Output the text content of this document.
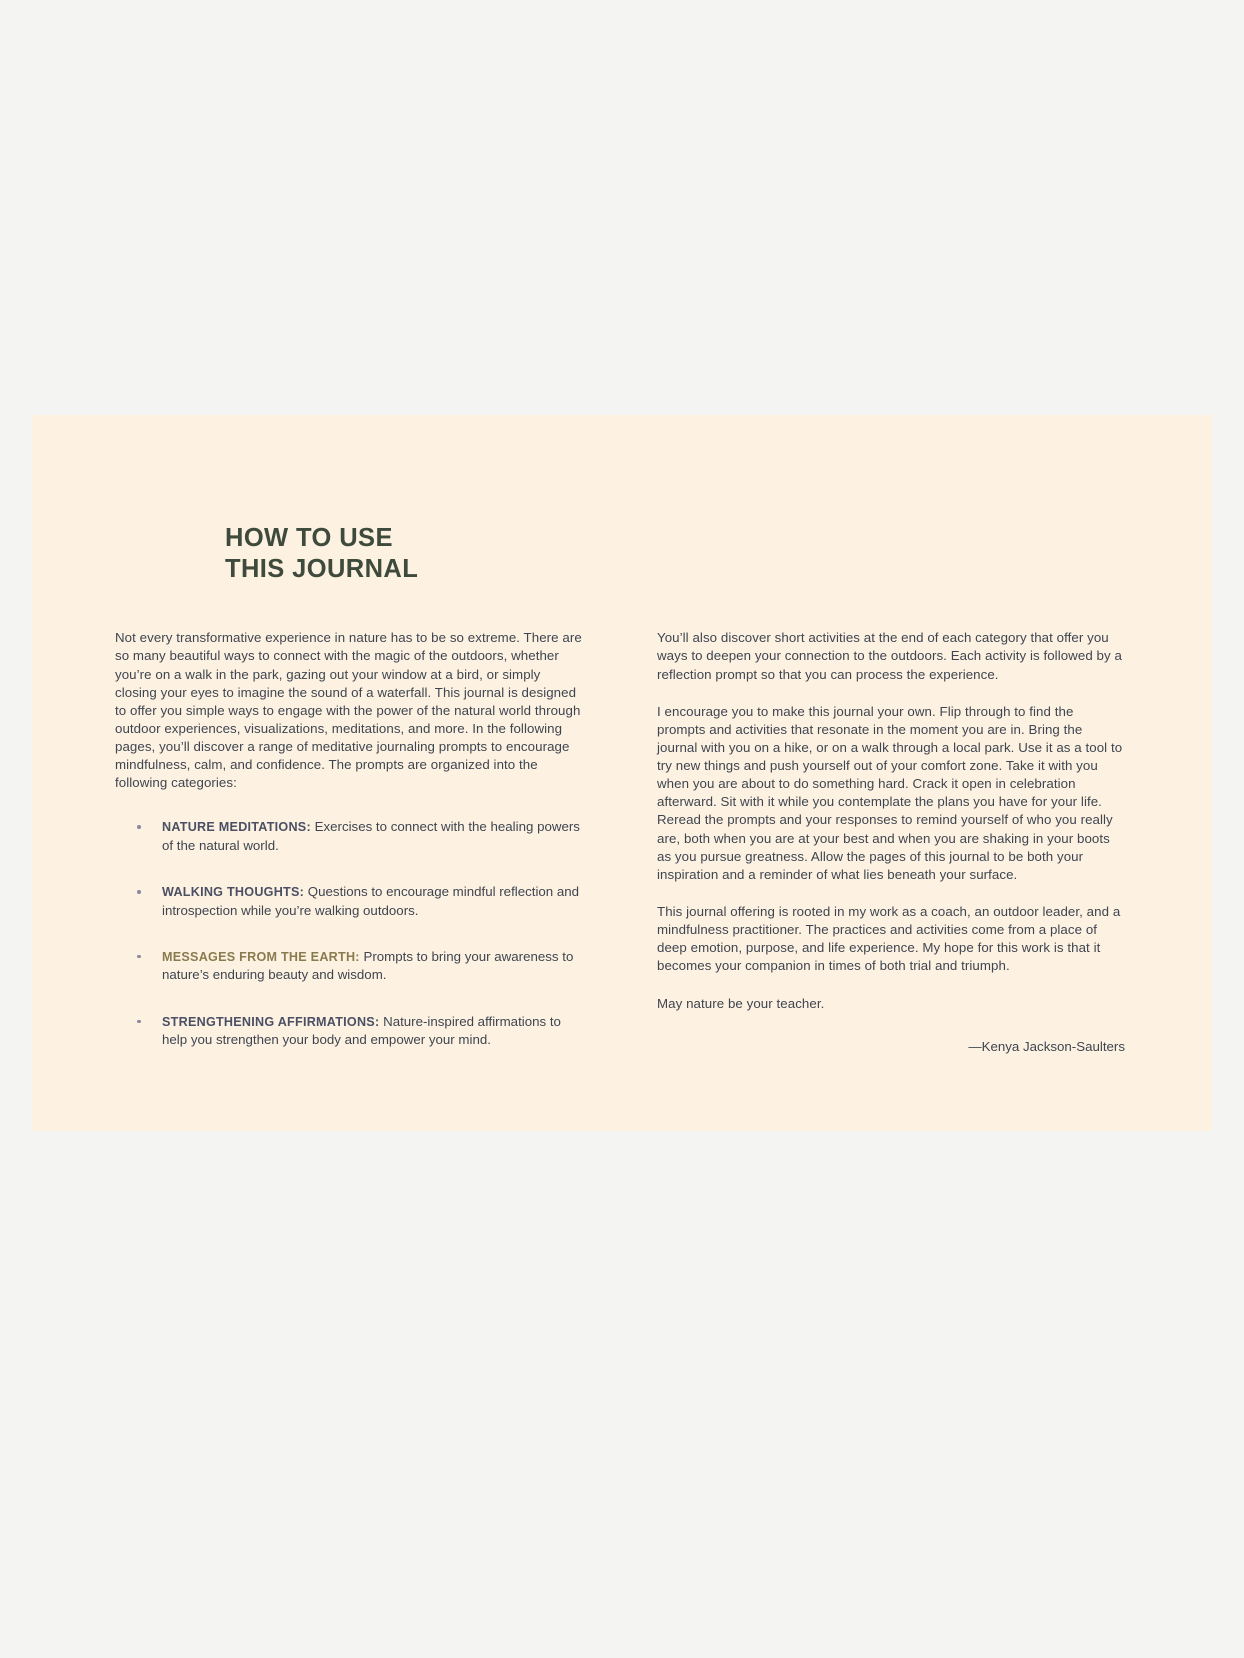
HOW TO USE
THIS JOURNAL

Not every transformative experience in nature has to be so extreme. There are so many beautiful ways to connect with the magic of the outdoors, whether you’re on a walk in the park, gazing out your window at a bird, or simply closing your eyes to imagine the sound of a waterfall. This journal is designed to offer you simple ways to engage with the power of the natural world through outdoor experiences, visualizations, meditations, and more. In the following pages, you’ll discover a range of meditative journaling prompts to encourage mindfulness, calm, and confidence. The prompts are organized into the following categories:

NATURE MEDITATIONS: Exercises to connect with the healing powers of the natural world.
WALKING THOUGHTS: Questions to encourage mindful reflection and introspection while you’re walking outdoors.
MESSAGES FROM THE EARTH: Prompts to bring your awareness to nature’s enduring beauty and wisdom.
STRENGTHENING AFFIRMATIONS: Nature-inspired affirmations to help you strengthen your body and empower your mind.

You’ll also discover short activities at the end of each category that offer you ways to deepen your connection to the outdoors. Each activity is followed by a reflection prompt so that you can process the experience.

I encourage you to make this journal your own. Flip through to find the prompts and activities that resonate in the moment you are in. Bring the journal with you on a hike, or on a walk through a local park. Use it as a tool to try new things and push yourself out of your comfort zone. Take it with you when you are about to do something hard. Crack it open in celebration afterward. Sit with it while you contemplate the plans you have for your life. Reread the prompts and your responses to remind yourself of who you really are, both when you are at your best and when you are shaking in your boots as you pursue greatness. Allow the pages of this journal to be both your inspiration and a reminder of what lies beneath your surface.

This journal offering is rooted in my work as a coach, an outdoor leader, and a mindfulness practitioner. The practices and activities come from a place of deep emotion, purpose, and life experience. My hope for this work is that it becomes your companion in times of both trial and triumph.

May nature be your teacher.

—Kenya Jackson-Saulters
